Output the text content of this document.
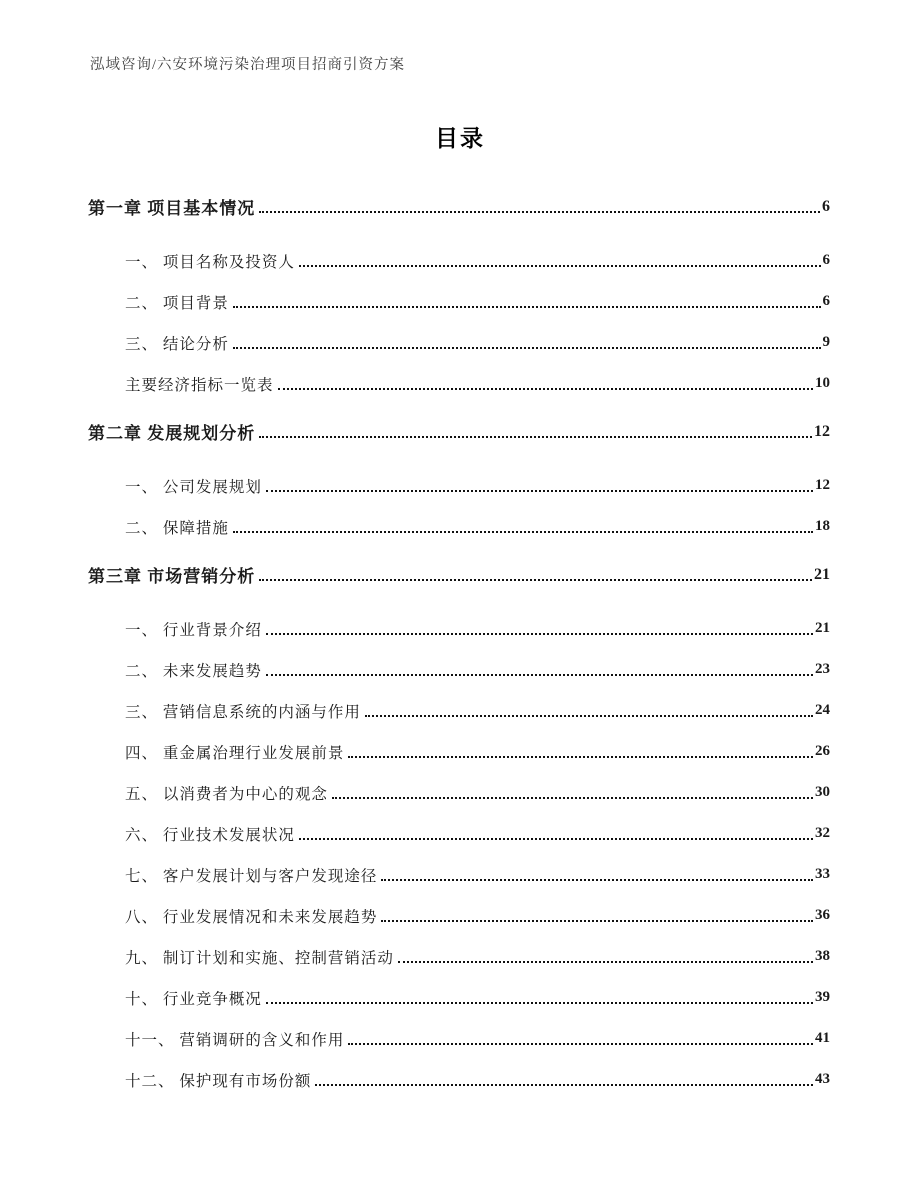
泓域咨询/六安环境污染治理项目招商引资方案
目录
第一章 项目基本情况	6
一、 项目名称及投资人	6
二、 项目背景	6
三、 结论分析	9
主要经济指标一览表	10
第二章 发展规划分析	12
一、 公司发展规划	12
二、 保障措施	18
第三章 市场营销分析	21
一、 行业背景介绍	21
二、 未来发展趋势	23
三、 营销信息系统的内涵与作用	24
四、 重金属治理行业发展前景	26
五、 以消费者为中心的观念	30
六、 行业技术发展状况	32
七、 客户发展计划与客户发现途径	33
八、 行业发展情况和未来发展趋势	36
九、 制订计划和实施、控制营销活动	38
十、 行业竞争概况	39
十一、 营销调研的含义和作用	41
十二、 保护现有市场份额	43
